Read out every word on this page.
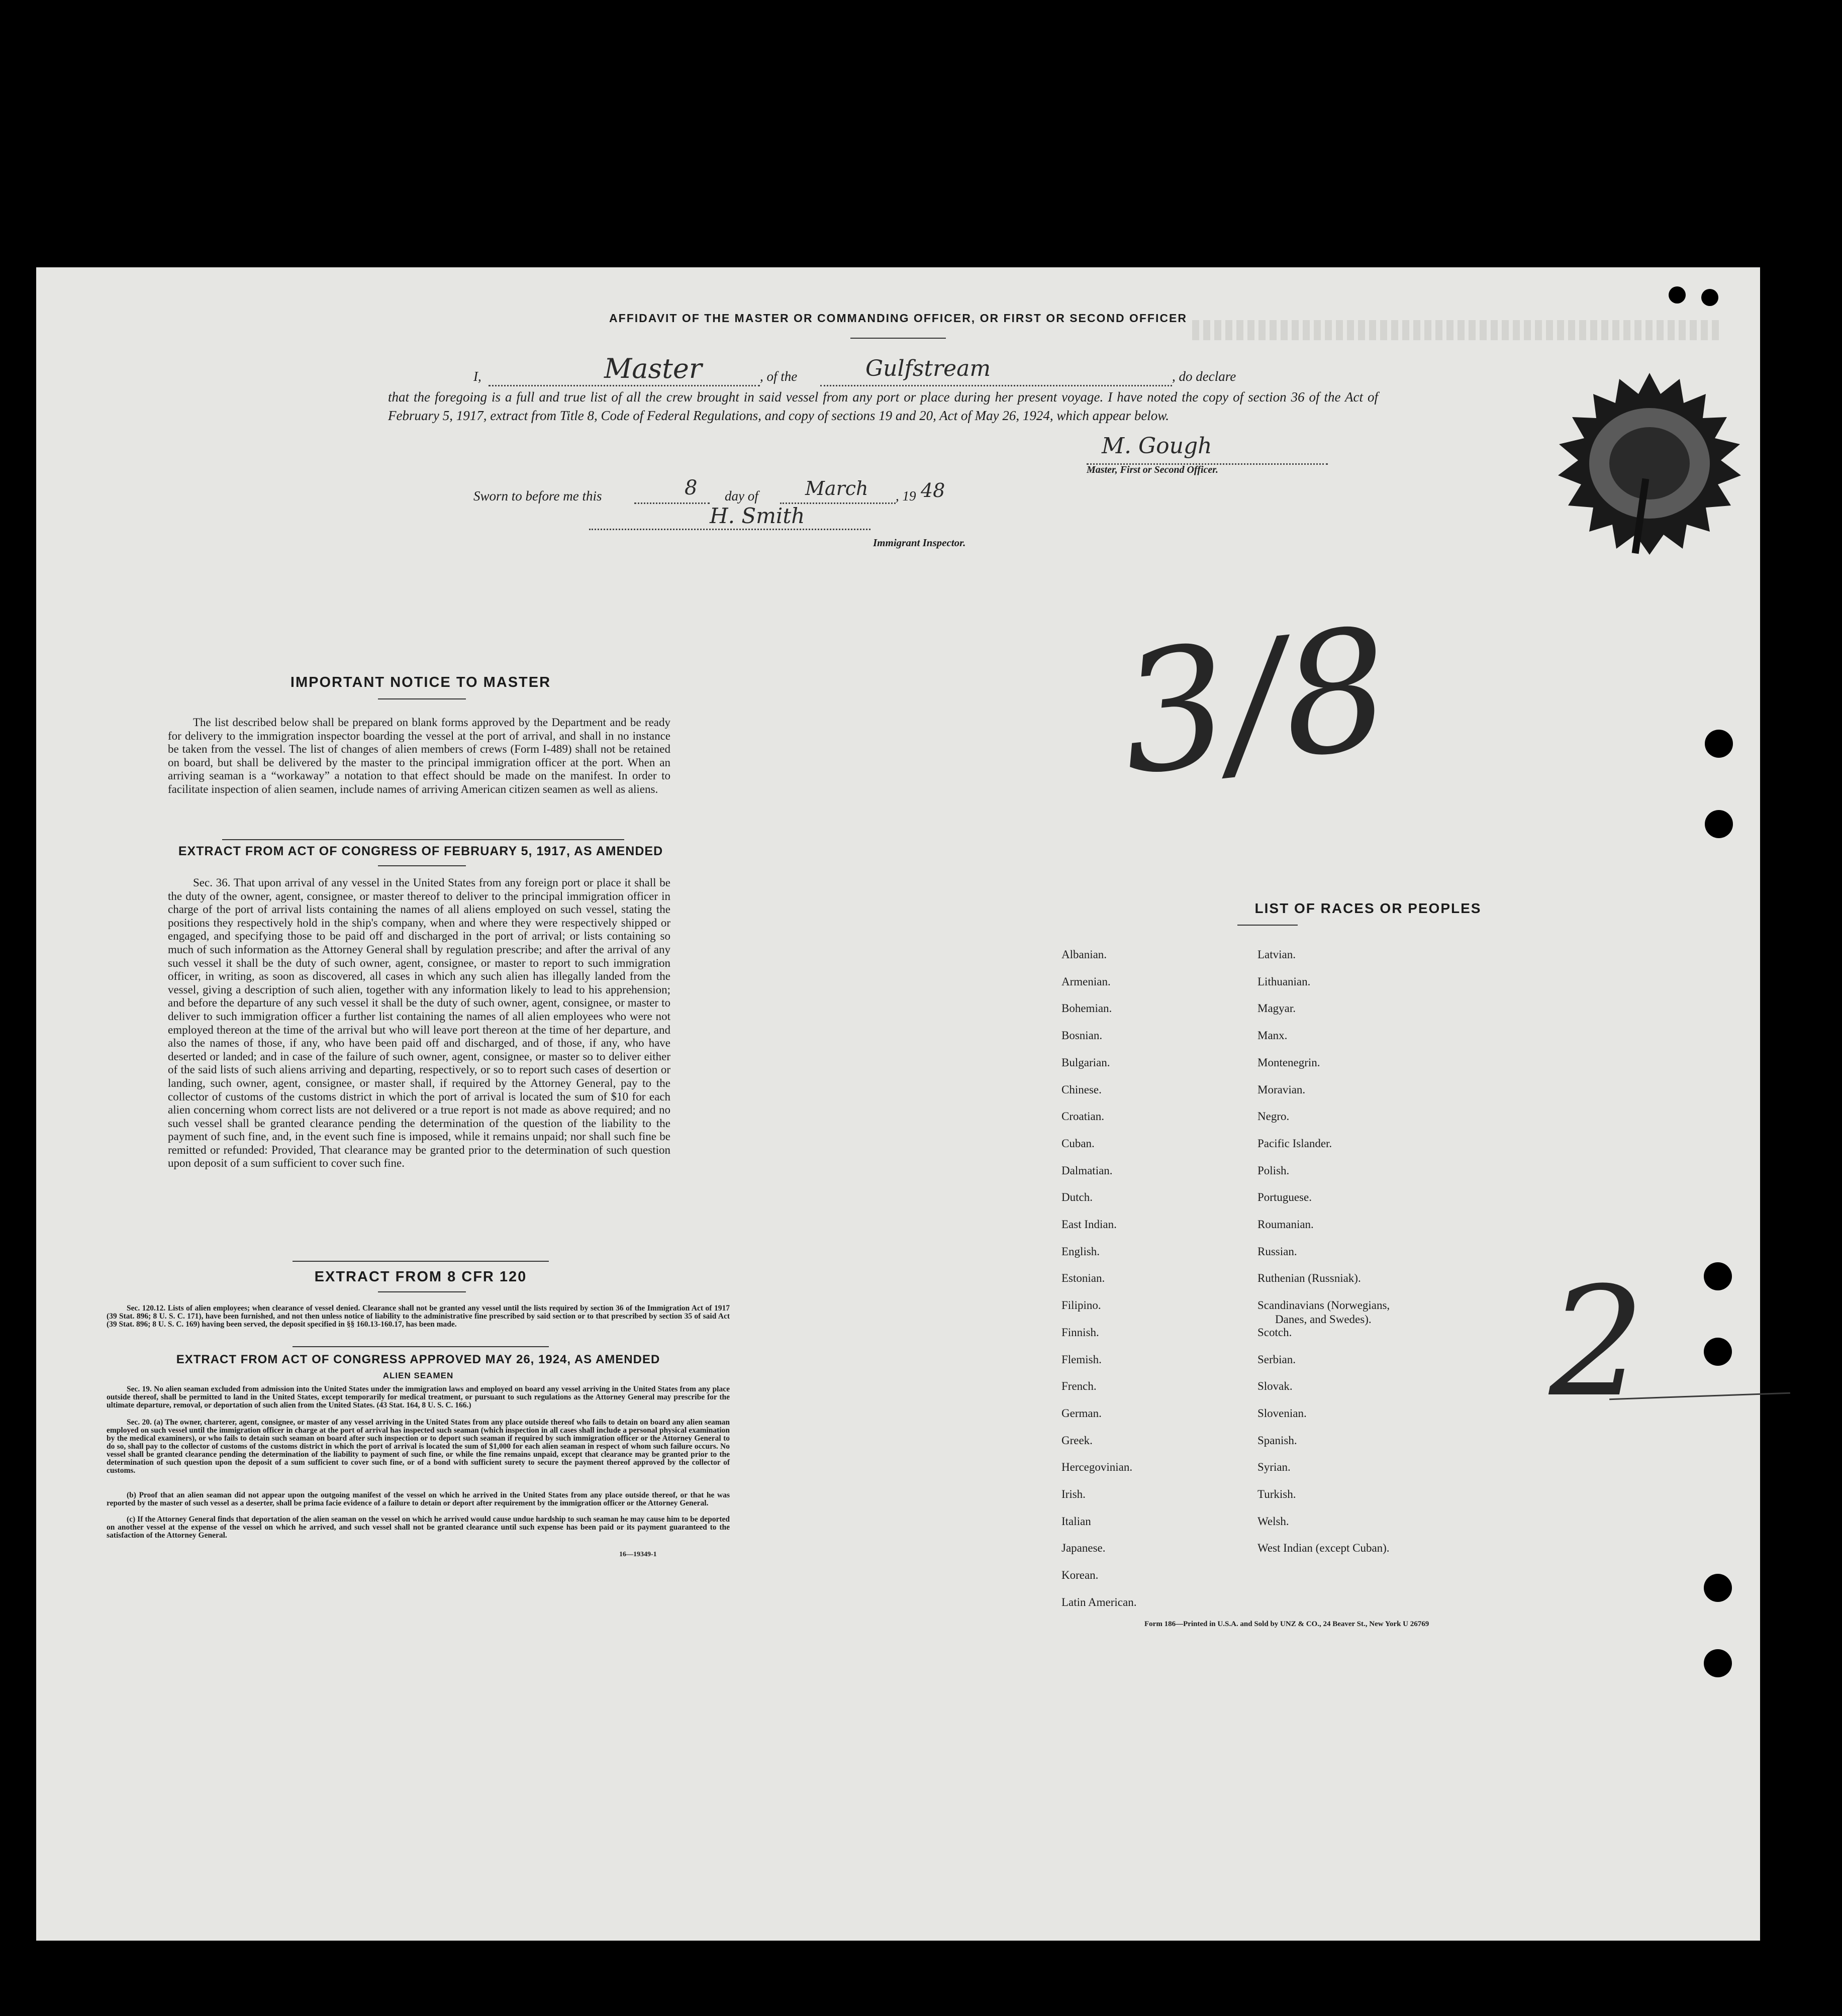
AFFIDAVIT OF THE MASTER OR COMMANDING OFFICER, OR FIRST OR SECOND OFFICER
I,	Master	, of the	Gulfstream	, do declare
that the foregoing is a full and true list of all the crew brought in said vessel from any port or place during her present voyage. I have noted the copy of section 36 of the Act of February 5, 1917, extract from Title 8, Code of Federal Regulations, and copy of sections 19 and 20, Act of May 26, 1924, which appear below.
M. Gough
Master, First or Second Officer.
Sworn to before me this	8 day of March , 19 48
H. Smith
Immigrant Inspector.
IMPORTANT NOTICE TO MASTER
The list described below shall be prepared on blank forms approved by the Department and be ready for delivery to the immigration inspector boarding the vessel at the port of arrival, and shall in no instance be taken from the vessel. The list of changes of alien members of crews (Form I-489) shall not be retained on board, but shall be delivered by the master to the principal immigration officer at the port. When an arriving seaman is a “workaway” a notation to that effect should be made on the manifest. In order to facilitate inspection of alien seamen, include names of arriving American citizen seamen as well as aliens.
EXTRACT FROM ACT OF CONGRESS OF FEBRUARY 5, 1917, AS AMENDED
Sec. 36. That upon arrival of any vessel in the United States from any foreign port or place it shall be the duty of the owner, agent, consignee, or master thereof to deliver to the principal immigration officer in charge of the port of arrival lists containing the names of all aliens employed on such vessel, stating the positions they respectively hold in the ship's company, when and where they were respectively shipped or engaged, and specifying those to be paid off and discharged in the port of arrival; or lists containing so much of such information as the Attorney General shall by regulation prescribe; and after the arrival of any such vessel it shall be the duty of such owner, agent, consignee, or master to report to such immigration officer, in writing, as soon as discovered, all cases in which any such alien has illegally landed from the vessel, giving a description of such alien, together with any information likely to lead to his apprehension; and before the departure of any such vessel it shall be the duty of such owner, agent, consignee, or master to deliver to such immigration officer a further list containing the names of all alien employees who were not employed thereon at the time of the arrival but who will leave port thereon at the time of her departure, and also the names of those, if any, who have been paid off and discharged, and of those, if any, who have deserted or landed; and in case of the failure of such owner, agent, consignee, or master so to deliver either of the said lists of such aliens arriving and departing, respectively, or so to report such cases of desertion or landing, such owner, agent, consignee, or master shall, if required by the Attorney General, pay to the collector of customs of the customs district in which the port of arrival is located the sum of $10 for each alien concerning whom correct lists are not delivered or a true report is not made as above required; and no such vessel shall be granted clearance pending the determination of the question of the liability to the payment of such fine, and, in the event such fine is imposed, while it remains unpaid; nor shall such fine be remitted or refunded: Provided, That clearance may be granted prior to the determination of such question upon deposit of a sum sufficient to cover such fine.
EXTRACT FROM 8 CFR 120
Sec. 120.12. Lists of alien employees; when clearance of vessel denied. Clearance shall not be granted any vessel until the lists required by section 36 of the Immigration Act of 1917 (39 Stat. 896; 8 U. S. C. 171), have been furnished, and not then unless notice of liability to the administrative fine prescribed by said section or to that prescribed by section 35 of said Act (39 Stat. 896; 8 U. S. C. 169) having been served, the deposit specified in §§ 160.13-160.17, has been made.
EXTRACT FROM ACT OF CONGRESS APPROVED MAY 26, 1924, AS AMENDED
ALIEN SEAMEN
Sec. 19. No alien seaman excluded from admission into the United States under the immigration laws and employed on board any vessel arriving in the United States from any place outside thereof, shall be permitted to land in the United States, except temporarily for medical treatment, or pursuant to such regulations as the Attorney General may prescribe for the ultimate departure, removal, or deportation of such alien from the United States. (43 Stat. 164, 8 U. S. C. 166.)
Sec. 20. (a) The owner, charterer, agent, consignee, or master of any vessel arriving in the United States from any place outside thereof who fails to detain on board any alien seaman employed on such vessel until the immigration officer in charge at the port of arrival has inspected such seaman (which inspection in all cases shall include a personal physical examination by the medical examiners), or who fails to detain such seaman on board after such inspection or to deport such seaman if required by such immigration officer or the Attorney General to do so, shall pay to the collector of customs of the customs district in which the port of arrival is located the sum of $1,000 for each alien seaman in respect of whom such failure occurs. No vessel shall be granted clearance pending the determination of the liability to payment of such fine, or while the fine remains unpaid, except that clearance may be granted prior to the determination of such question upon the deposit of a sum sufficient to cover such fine, or of a bond with sufficient surety to secure the payment thereof approved by the collector of customs.
(b) Proof that an alien seaman did not appear upon the outgoing manifest of the vessel on which he arrived in the United States from any place outside thereof, or that he was reported by the master of such vessel as a deserter, shall be prima facie evidence of a failure to detain or deport after requirement by the immigration officer or the Attorney General.
(c) If the Attorney General finds that deportation of the alien seaman on the vessel on which he arrived would cause undue hardship to such seaman he may cause him to be deported on another vessel at the expense of the vessel on which he arrived, and such vessel shall not be granted clearance until such expense has been paid or its payment guaranteed to the satisfaction of the Attorney General.
16—19349-1
3/8
LIST OF RACES OR PEOPLES
Albanian.
Armenian.
Bohemian.
Bosnian.
Bulgarian.
Chinese.
Croatian.
Cuban.
Dalmatian.
Dutch.
East Indian.
English.
Estonian.
Filipino.
Finnish.
Flemish.
French.
German.
Greek.
Hercegovinian.
Irish.
Italian
Japanese.
Korean.
Latin American.
Latvian.
Lithuanian.
Magyar.
Manx.
Montenegrin.
Moravian.
Negro.
Pacific Islander.
Polish.
Portuguese.
Roumanian.
Russian.
Ruthenian (Russniak).
Scandinavians (Norwegians,
Danes, and Swedes).
Scotch.
Serbian.
Slovak.
Slovenian.
Spanish.
Syrian.
Turkish.
Welsh.
West Indian (except Cuban).
2
Form 186—Printed in U.S.A. and Sold by UNZ & CO., 24 Beaver St., New York U 26769
